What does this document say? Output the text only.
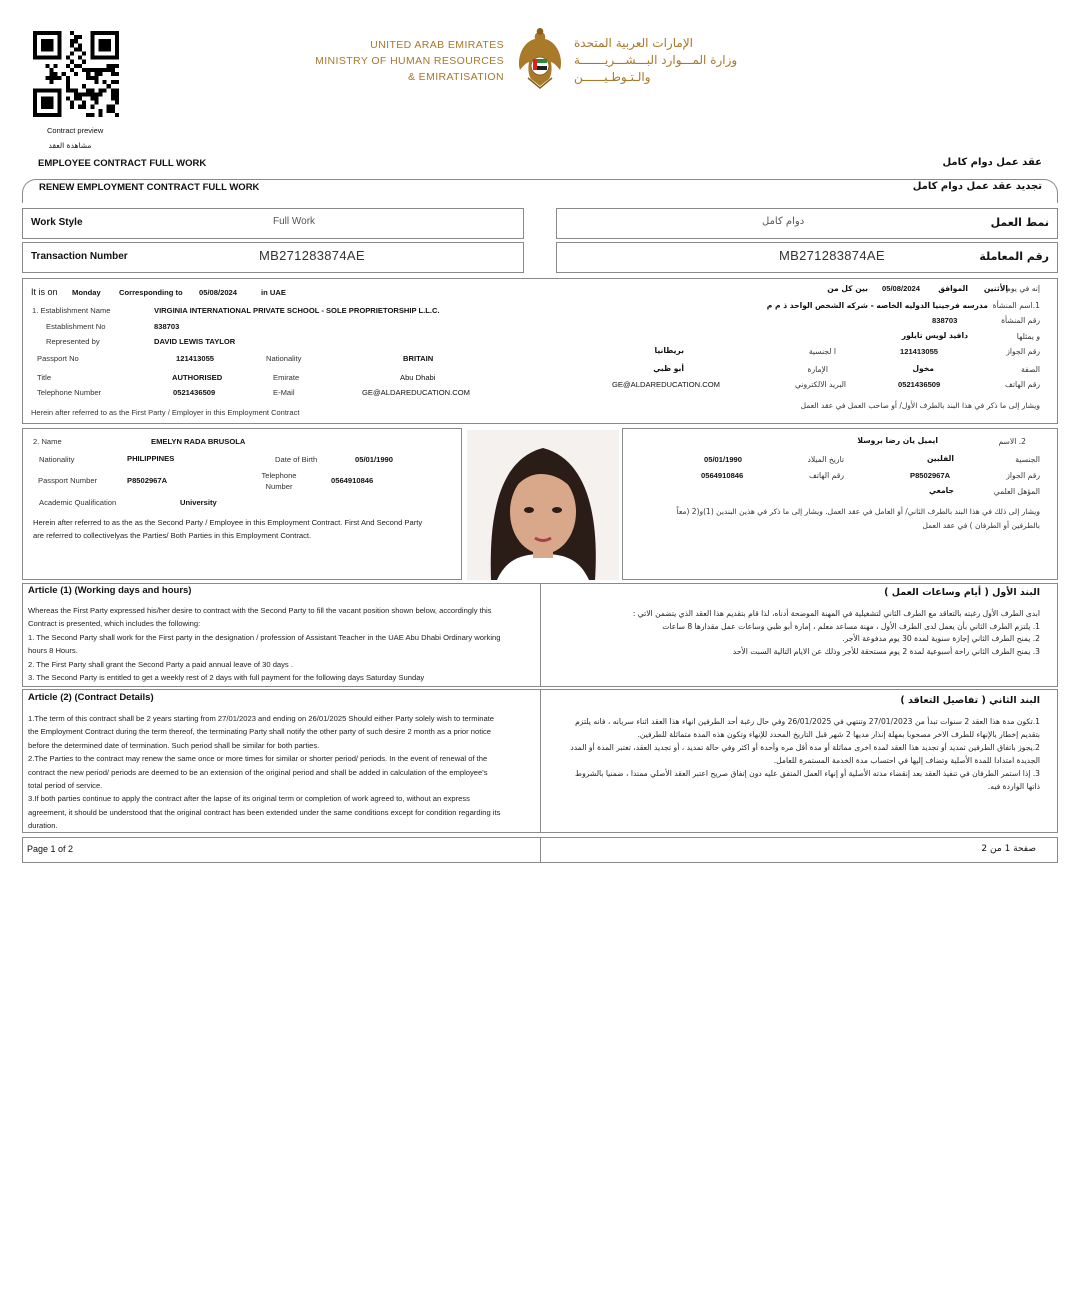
Contract preview
مشاهدة العقد
UNITED ARAB EMIRATES
MINISTRY OF HUMAN RESOURCES
& EMIRATISATION
الإمارات العربية المتحدة
وزارة المـــوارد البـــشـــريـــــــة
والـتـوطـيــــــن
EMPLOYEE CONTRACT FULL WORK	عقد عمل دوام كامل
RENEW EMPLOYMENT CONTRACT FULL WORK	تجديد عقد عمل دوام كامل
Work Style	Full Work	نمط العمل
دوام كامل
Transaction Number	MB271283874AE	رقم المعاملة
MB271283874AE
It is on Monday Corresponding to 05/08/2024	in UAE
1. Establishment Name	VIRGINIA INTERNATIONAL PRIVATE SCHOOL - SOLE PROPRIETORSHIP L.L.C.
Establishment No	838703
Represented by	DAVID LEWIS TAYLOR
Passport No	121413055	Nationality	BRITAIN
Title	AUTHORISED	Emirate	Abu Dhabi
Telephone Number	0521436509	E-Mail	GE@ALDAREDUCATION.COM
Herein after referred to as the First Party / Employer in this Employment Contract
إنه في يوم
الأثنين
الموافق
05/08/2024
بين كل من
1.اسم المنشأة
مدرسه فرجينيا الدوليه الخاصه - شركه الشخص الواحد ذ م م
رقم المنشأة
838703
و يمثلها
دافيد لويس تايلور
رقم الجواز
121413055
ا لجنسية
بريطانيا
الصفة
مخول
الإمارة
أبو ظبي
رقم الهاتف
0521436509
البريد الالكتروني
GE@ALDAREDUCATION.COM
ويشار إلى ما ذكر في هذا البند بالطرف الأول/ أو صاحب العمل في عقد العمل
2. Name	EMELYN RADA BRUSOLA
Nationality	PHILIPPINES	Date of Birth	05/01/1990
Passport Number	P8502967A
Telephone
Number
0564910846
Academic Qualification	University
Herein after referred to as the as the Second Party / Employee in this Employment Contract. First And Second Party
are referred to collectivelyas the Parties/ Both Parties in this Employment Contract.
2. الاسم
ايميل يان رضا بروسلا
الجنسية
الفلبين
تاريخ الميلاد
05/01/1990
رقم الجواز
P8502967A
رقم الهاتف
0564910846
المؤهل العلمي
جامعي
ويشار إلى ذلك في هذا البند بالطرف الثاني/ أو العامل في عقد العمل. ويشار إلى ما ذكر في هذين البندين (1)و(2 (معاً
بالطرفين أو الطرفان ) في عقد العمل
Article (1) (Working days and hours)	البند الأول ( أيام وساعات العمل )
Whereas the First Party expressed his/her desire to contract with the Second Party to fill the vacant position shown below, accordingly this
Contract is presented, which includes the following:
1. The Second Party shall work for the First party in the designation / profession of Assistant Teacher in the UAE Abu Dhabi Ordinary working
hours 8 Hours.
2. The First Party shall grant the Second Party a paid annual leave of 30 days .
3. The Second Party is entitled to get a weekly rest of 2 days with full payment for the following days Saturday Sunday
ابدى الطرف الأول رغبته بالتعاقد مع الطرف الثاني لتشغيلية في المهنة الموضحة أدناه، لذا قام بتقديم هذا العقد الذي يتضمن الاتي :
1. يلتزم الطرف الثاني بأن يعمل لدى الطرف الأول ، مهنة مساعد معلم ، إمارة أبو ظبي وساعات عمل مقدارها 8 ساعات
2. يمنح الطرف الثاني إجازة سنوية لمدة 30 يوم مدفوعة الأجر.
3. يمنح الطرف الثاني راحة أسبوعية لمدة 2 يوم مستحقة للأجر وذلك عن الايام التالية السبت الأحد
Article (2) (Contract Details)	البند الثاني ( تفاصيل التعاقد )
1.The term of this contract shall be 2 years starting from 27/01/2023 and ending on 26/01/2025 Should either Party solely wish to terminate
the Employment Contract during the term thereof, the terminating Party shall notify the other party of such desire 2 month as a prior notice
before the determined date of termination. Such period shall be similar for both parties.
2.The Parties to the contract may renew the same once or more times for similar or shorter period/ periods. In the event of renewal of the
contract the new period/ periods are deemed to be an extension of the original period and shall be added in calculation of the employee's
total period of service.
3.If both parties continue to apply the contract after the lapse of its original term or completion of work agreed to, without an express
agreement, it should be understood that the original contract has been extended under the same conditions except for condition regarding its
duration.
1.تكون مدة هذا العقد 2 سنوات تبدأ من 27/01/2023 وتنتهي في 26/01/2025 وفي حال رغبة أحد الطرفين انهاء هذا العقد اثناء سريانه ، فانه يلتزم
بتقديم إخطار بالإنهاء للطرف الاخر مصحوبا بمهلة إنذار مديها 2 شهر قبل التاريخ المحدد للإنهاء وتكون هذه المدة متماثلة للطرفين.
2.يجوز باتفاق الطرفين تمديد أو تجديد هذا العقد لمدة اخرى مماثلة أو مدة أقل مره وأحدة أو اكثر وفي حالة تمديد ، أو تجديد العقد، تعتبر المدة أو المدد
الجديدة امتدادا للمدة الأصلية وتضاف إليها في احتساب مدة الخدمة المستمرة للعامل.
3. إذا استمر الطرفان في تنفيذ العقد بعد إنقضاء مدته الأصلية أو إنهاء العمل المتفق عليه دون إتفاق صريح اعتبر العقد الأصلي ممتدا ، ضمنيا بالشروط
ذاتها الواردة فيه.
Page 1 of 2	صفحة 1 من 2
